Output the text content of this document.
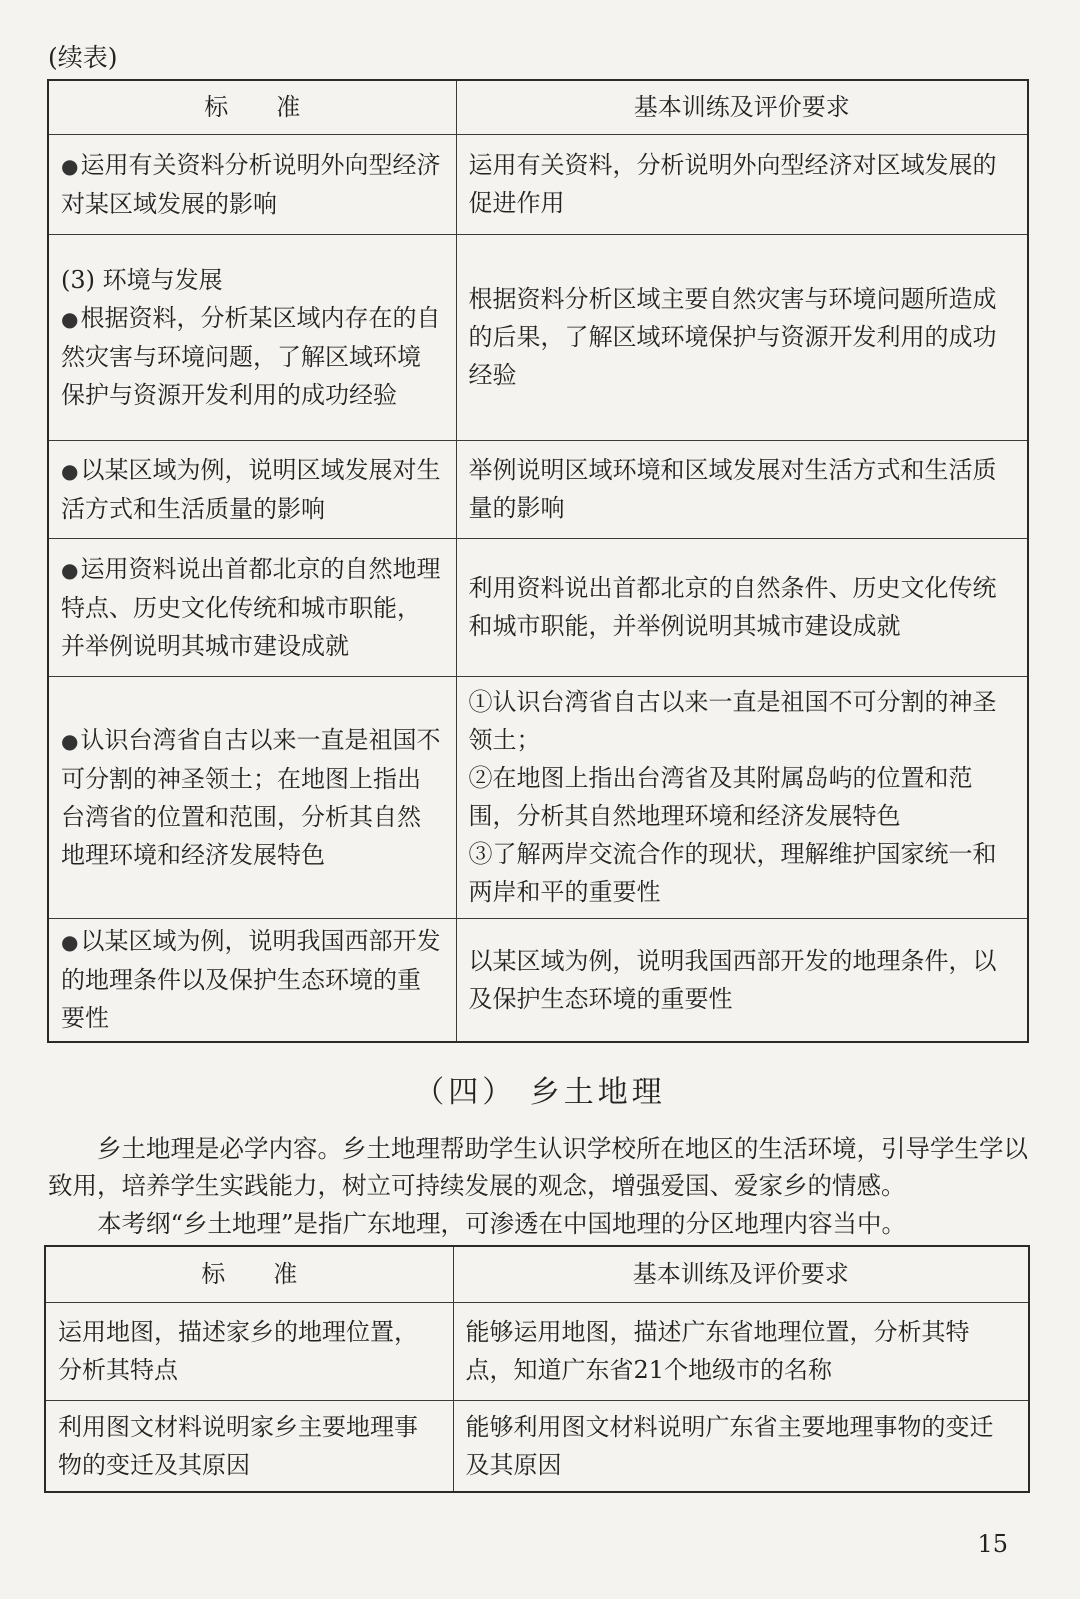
(续表)
标　　准	基本训练及评价要求
●运用有关资料分析说明外向型经济对某区域发展的影响	运用有关资料，分析说明外向型经济对区域发展的促进作用

(3) 环境与发展
●根据资料，分析某区域内存在的自然灾害与环境问题，了解区域环境保护与资源开发利用的成功经验	根据资料分析区域主要自然灾害与环境问题所造成的后果，了解区域环境保护与资源开发利用的成功经验
●以某区域为例，说明区域发展对生活方式和生活质量的影响	举例说明区域环境和区域发展对生活方式和生活质量的影响
●运用资料说出首都北京的自然地理特点、历史文化传统和城市职能，并举例说明其城市建设成就	利用资料说出首都北京的自然条件、历史文化传统和城市职能，并举例说明其城市建设成就
●认识台湾省自古以来一直是祖国不可分割的神圣领土；在地图上指出台湾省的位置和范围，分析其自然地理环境和经济发展特色	①认识台湾省自古以来一直是祖国不可分割的神圣领土；
②在地图上指出台湾省及其附属岛屿的位置和范围，分析其自然地理环境和经济发展特色
③了解两岸交流合作的现状，理解维护国家统一和两岸和平的重要性
●以某区域为例，说明我国西部开发的地理条件以及保护生态环境的重要性	以某区域为例，说明我国西部开发的地理条件，以及保护生态环境的重要性
（四） 乡土地理
乡土地理是必学内容。乡土地理帮助学生认识学校所在地区的生活环境，引导学生学以致用，培养学生实践能力，树立可持续发展的观念，增强爱国、爱家乡的情感。
本考纲“乡土地理”是指广东地理，可渗透在中国地理的分区地理内容当中。
标　　准	基本训练及评价要求
运用地图，描述家乡的地理位置，分析其特点	能够运用地图，描述广东省地理位置，分析其特点，知道广东省21个地级市的名称
利用图文材料说明家乡主要地理事物的变迁及其原因	能够利用图文材料说明广东省主要地理事物的变迁及其原因
15
